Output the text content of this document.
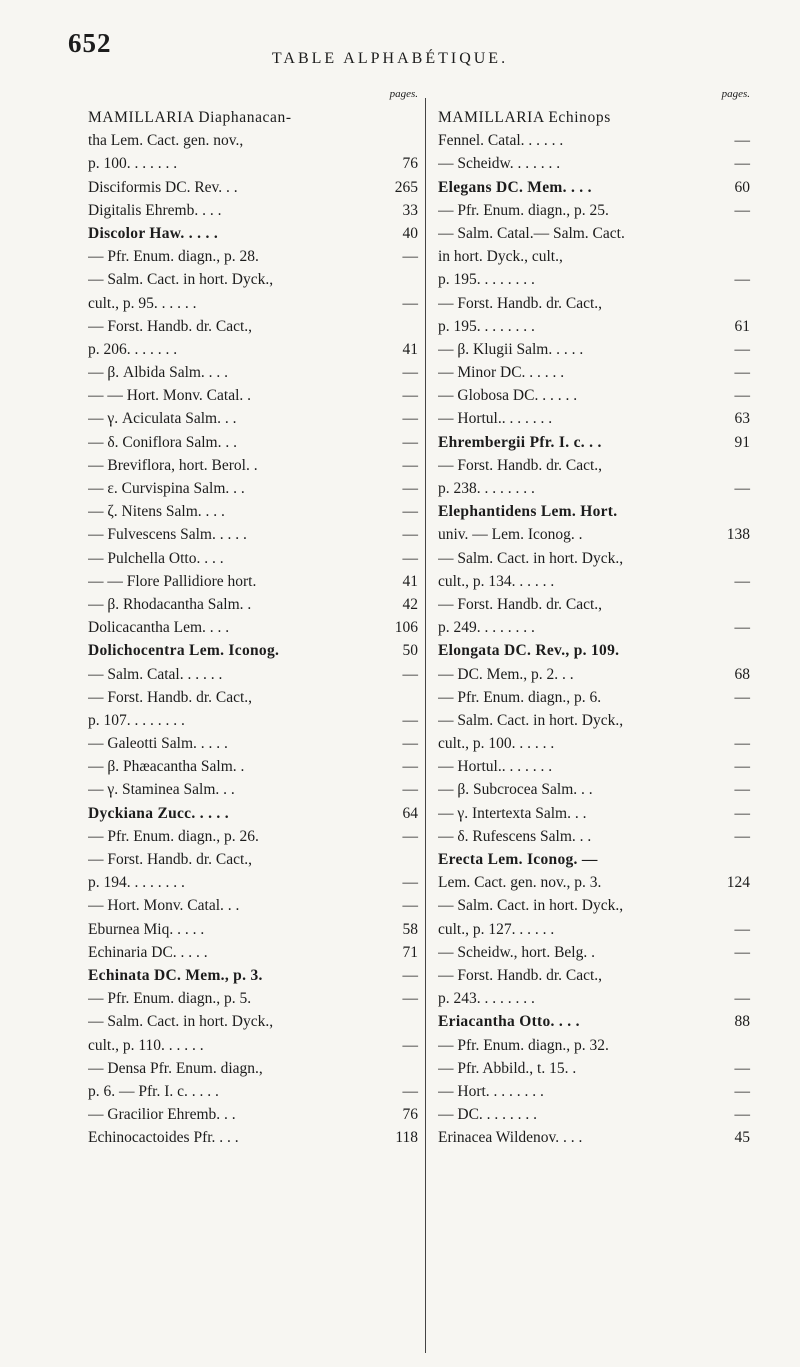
652
TABLE ALPHABÉTIQUE.
pages.
MAMILLARIA Diaphanacan-
tha Lem. Cact. gen. nov.,
p. 100. . . . . . .	76
Disciformis DC. Rev. . .	265
Digitalis Ehremb. . . .	33
Discolor Haw. . . . .	40
— Pfr. Enum. diagn., p. 28.	—
— Salm. Cact. in hort. Dyck.,
cult., p. 95. . . . . .	—
— Forst. Handb. dr. Cact.,
p. 206. . . . . . .	41
— β. Albida Salm. . . .	—
— — Hort. Monv. Catal. .	—
— γ. Aciculata Salm. . .	—
— δ. Coniflora Salm. . .	—
— Breviflora, hort. Berol. .	—
— ε. Curvispina Salm. . .	—
— ζ. Nitens Salm. . . .	—
— Fulvescens Salm. . . . .	—
— Pulchella Otto. . . .	—
— — Flore Pallidiore hort.	41
— β. Rhodacantha Salm. .	42
Dolicacantha Lem. . . .	106
Dolichocentra Lem. Iconog.	50
— Salm. Catal. . . . . .	—
— Forst. Handb. dr. Cact.,
p. 107. . . . . . . .	—
— Galeotti Salm. . . . .	—
— β. Phæacantha Salm. .	—
— γ. Staminea Salm. . .	—
Dyckiana Zucc. . . . .	64
— Pfr. Enum. diagn., p. 26.	—
— Forst. Handb. dr. Cact.,
p. 194. . . . . . . .	—
— Hort. Monv. Catal. . .	—
Eburnea Miq. . . . .	58
Echinaria DC. . . . .	71
Echinata DC. Mem., p. 3.	—
— Pfr. Enum. diagn., p. 5.	—
— Salm. Cact. in hort. Dyck.,
cult., p. 110. . . . . .	—
— Densa Pfr. Enum. diagn.,
p. 6. — Pfr. I. c. . . . .	—
— Gracilior Ehremb. . .	76
Echinocactoides Pfr. . . .	118
pages.
MAMILLARIA Echinops
Fennel. Catal. . . . . .	—
— Scheidw. . . . . . .	—
Elegans DC. Mem. . . .	60
— Pfr. Enum. diagn., p. 25.	—
— Salm. Catal.— Salm. Cact.
in hort. Dyck., cult.,
p. 195. . . . . . . .	—
— Forst. Handb. dr. Cact.,
p. 195. . . . . . . .	61
— β. Klugii Salm. . . . .	—
— Minor DC. . . . . .	—
— Globosa DC. . . . . .	—
— Hortul.. . . . . . .	63
Ehrembergii Pfr. I. c. . .	91
— Forst. Handb. dr. Cact.,
p. 238. . . . . . . .	—
Elephantidens Lem. Hort.
univ. — Lem. Iconog. .	138
— Salm. Cact. in hort. Dyck.,
cult., p. 134. . . . . .	—
— Forst. Handb. dr. Cact.,
p. 249. . . . . . . .	—
Elongata DC. Rev., p. 109.
— DC. Mem., p. 2. . .	68
— Pfr. Enum. diagn., p. 6.	—
— Salm. Cact. in hort. Dyck.,
cult., p. 100. . . . . .	—
— Hortul.. . . . . . .	—
— β. Subcrocea Salm. . .	—
— γ. Intertexta Salm. . .	—
— δ. Rufescens Salm. . .	—
Erecta Lem. Iconog. —
Lem. Cact. gen. nov., p. 3.	124
— Salm. Cact. in hort. Dyck.,
cult., p. 127. . . . . .	—
— Scheidw., hort. Belg. .	—
— Forst. Handb. dr. Cact.,
p. 243. . . . . . . .	—
Eriacantha Otto. . . .	88
— Pfr. Enum. diagn., p. 32.
— Pfr. Abbild., t. 15. .	—
— Hort. . . . . . . .	—
— DC. . . . . . . .	—
Erinacea Wildenov. . . .	45
